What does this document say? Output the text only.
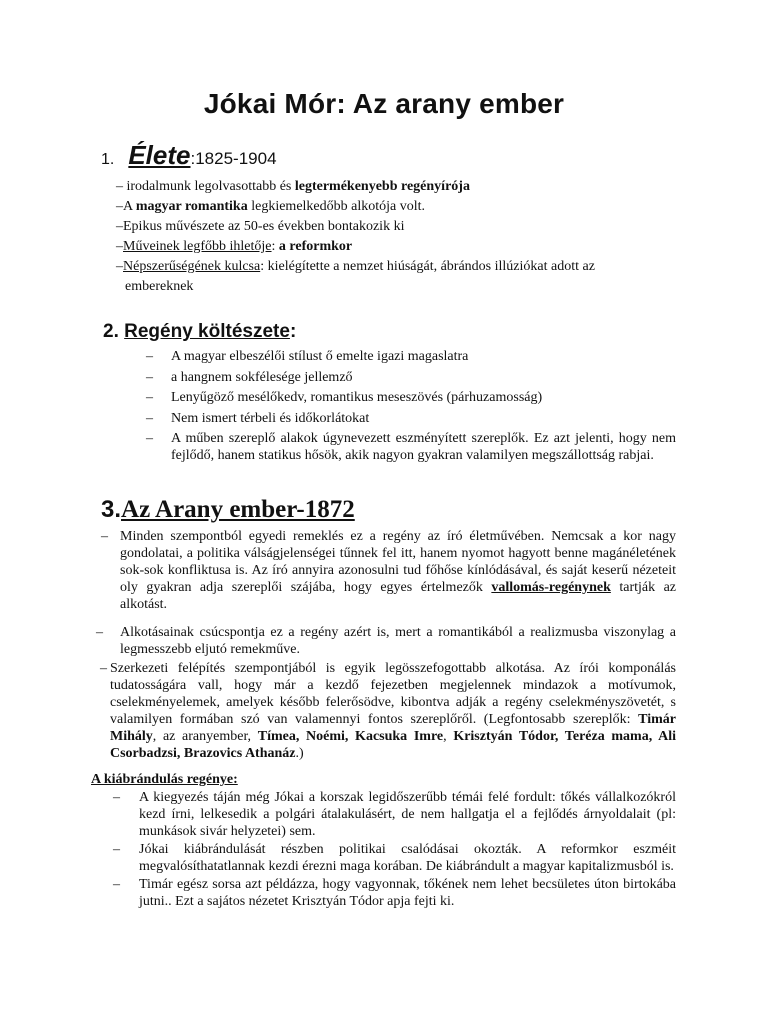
Jókai Mór: Az arany ember
1. Élete:1825-1904
– irodalmunk legolvasottabb és legtermékenyebb regényírója
–A magyar romantika legkiemelkedőbb alkotója volt.
–Epikus művészete az 50-es években bontakozik ki
–Műveinek legfőbb ihletője: a reformkor
–Népszerűségének kulcsa: kielégítette a nemzet hiúságát, ábrándos illúziókat adott az
embereknek
2. Regény költészete:
– A magyar elbeszélői stílust ő emelte igazi magaslatra
– a hangnem sokfélesége jellemző
– Lenyűgöző mesélőkedv, romantikus meseszövés (párhuzamosság)
– Nem ismert térbeli és időkorlátokat
– A műben szereplő alakok úgynevezett eszményített szereplők. Ez azt jelenti, hogy nem fejlődő, hanem statikus hősök, akik nagyon gyakran valamilyen megszállottság rabjai.
3.Az Arany ember-1872
– Minden szempontból egyedi remeklés ez a regény az író életművében. Nemcsak a kor nagy gondolatai, a politika válságjelenségei tűnnek fel itt, hanem nyomot hagyott benne magánéletének sok-sok konfliktusa is. Az író annyira azonosulni tud főhőse kínlódásával, és saját keserű nézeteit oly gyakran adja szereplői szájába, hogy egyes értelmezők vallomás-regénynek tartják az alkotást.
– Alkotásainak csúcspontja ez a regény azért is, mert a romantikából a realizmusba viszonylag a legmesszebb eljutó remekműve.
– Szerkezeti felépítés szempontjából is egyik legösszefogottabb alkotása. Az írói komponálás tudatosságára vall, hogy már a kezdő fejezetben megjelennek mindazok a motívumok, cselekményelemek, amelyek később felerősödve, kibontva adják a regény cselekményszövetét, s valamilyen formában szó van valamennyi fontos szereplőről. (Legfontosabb szereplők: Timár Mihály, az aranyember, Tímea, Noémi, Kacsuka Imre, Krisztyán Tódor, Teréza mama, Ali Csorbadzsi, Brazovics Athanáz.)
A kiábrándulás regénye:
– A kiegyezés táján még Jókai a korszak legidőszerűbb témái felé fordult: tőkés vállalkozókról kezd írni, lelkesedik a polgári átalakulásért, de nem hallgatja el a fejlődés árnyoldalait (pl: munkások sivár helyzetei) sem.
– Jókai kiábrándulását részben politikai csalódásai okozták. A reformkor eszméit megvalósíthatatlannak kezdi érezni maga korában. De kiábrándult a magyar kapitalizmusból is.
– Timár egész sorsa azt példázza, hogy vagyonnak, tőkének nem lehet becsületes úton birtokába jutni.. Ezt a sajátos nézetet Krisztyán Tódor apja fejti ki.
